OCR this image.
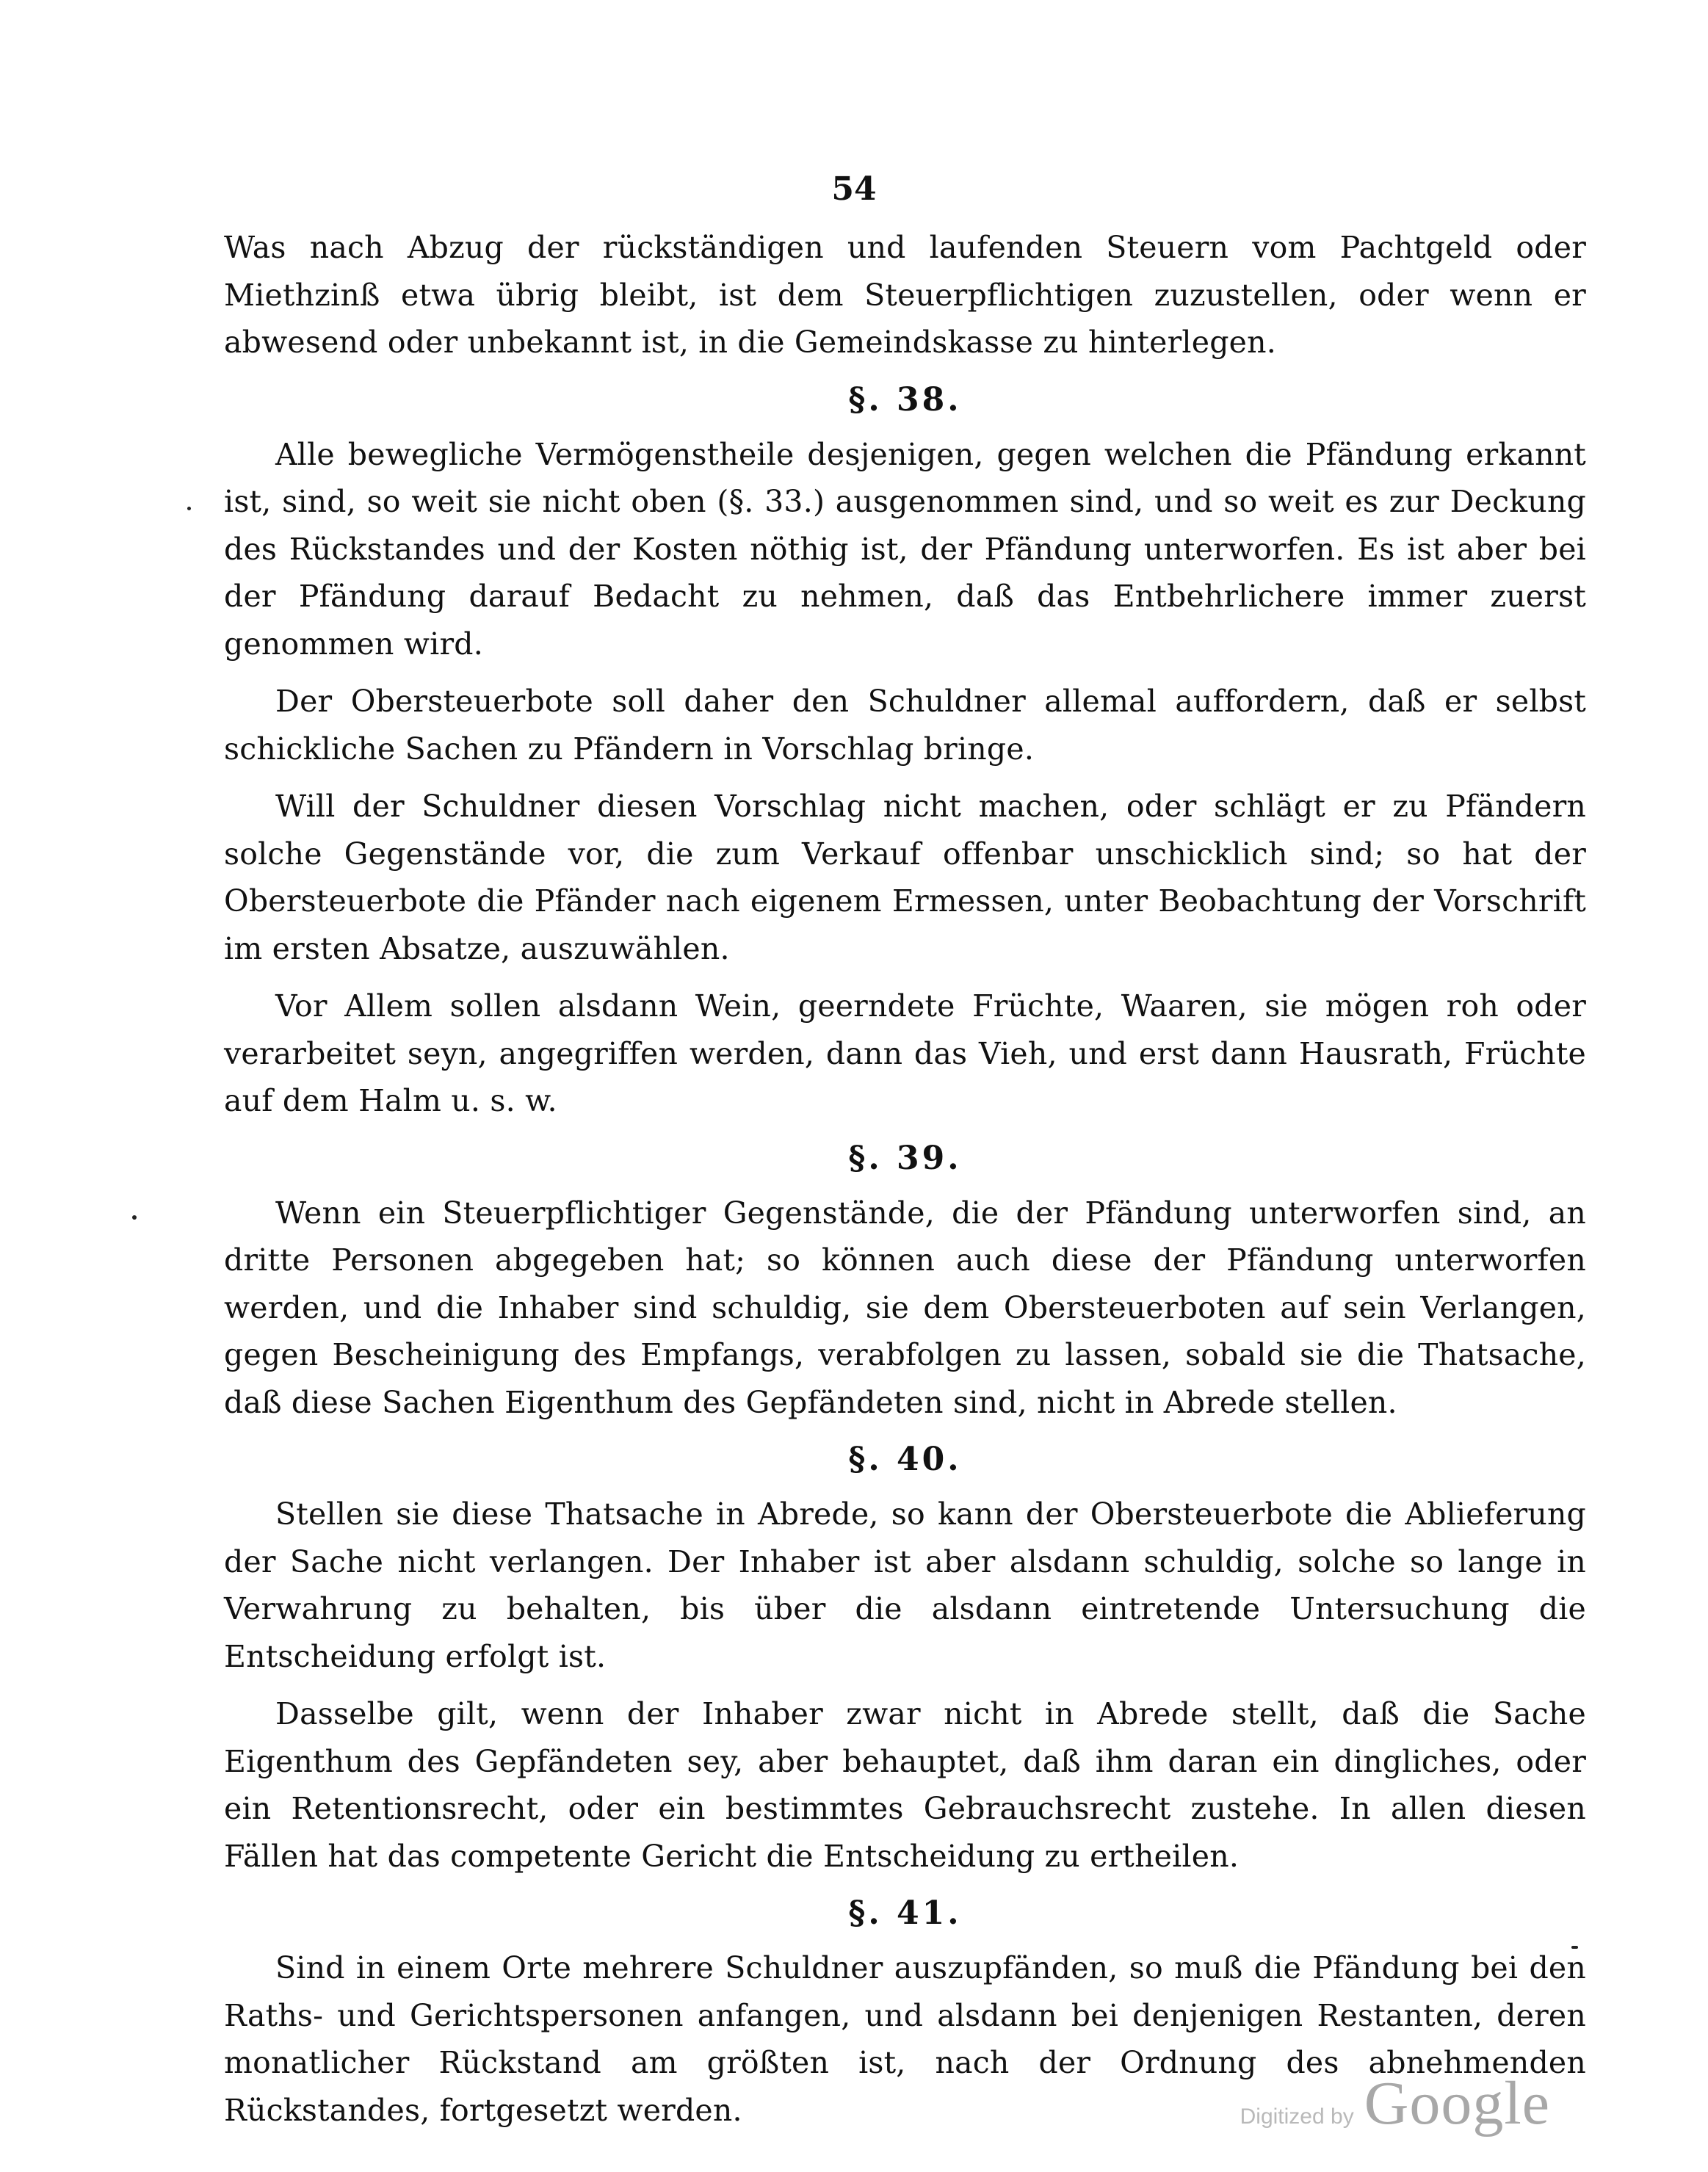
54
Was nach Abzug der rückständigen und laufenden Steuern vom Pachtgeld oder Miethzinß etwa übrig bleibt, ist dem Steuerpflichtigen zuzustellen, oder wenn er abwesend oder unbekannt ist, in die Gemeindskasse zu hinterlegen.
§. 38.
Alle bewegliche Vermögenstheile desjenigen, gegen welchen die Pfändung erkannt ist, sind, so weit sie nicht oben (§. 33.) ausgenommen sind, und so weit es zur Deckung des Rückstandes und der Kosten nöthig ist, der Pfändung unterworfen. Es ist aber bei der Pfändung darauf Bedacht zu nehmen, daß das Entbehrlichere immer zuerst genommen wird.
Der Obersteuerbote soll daher den Schuldner allemal auffordern, daß er selbst schickliche Sachen zu Pfändern in Vorschlag bringe.
Will der Schuldner diesen Vorschlag nicht machen, oder schlägt er zu Pfändern solche Gegenstände vor, die zum Verkauf offenbar unschicklich sind; so hat der Obersteuerbote die Pfänder nach eigenem Ermessen, unter Beobachtung der Vorschrift im ersten Absatze, auszuwählen.
Vor Allem sollen alsdann Wein, geerndete Früchte, Waaren, sie mögen roh oder verarbeitet seyn, angegriffen werden, dann das Vieh, und erst dann Hausrath, Früchte auf dem Halm u. s. w.
§. 39.
Wenn ein Steuerpflichtiger Gegenstände, die der Pfändung unterworfen sind, an dritte Personen abgegeben hat; so können auch diese der Pfändung unterworfen werden, und die Inhaber sind schuldig, sie dem Obersteuerboten auf sein Verlangen, gegen Bescheinigung des Empfangs, verabfolgen zu lassen, sobald sie die Thatsache, daß diese Sachen Eigenthum des Gepfändeten sind, nicht in Abrede stellen.
§. 40.
Stellen sie diese Thatsache in Abrede, so kann der Obersteuerbote die Ablieferung der Sache nicht verlangen. Der Inhaber ist aber alsdann schuldig, solche so lange in Verwahrung zu behalten, bis über die alsdann eintretende Untersuchung die Entscheidung erfolgt ist.
Dasselbe gilt, wenn der Inhaber zwar nicht in Abrede stellt, daß die Sache Eigenthum des Gepfändeten sey, aber behauptet, daß ihm daran ein dingliches, oder ein Retentionsrecht, oder ein bestimmtes Gebrauchsrecht zustehe. In allen diesen Fällen hat das competente Gericht die Entscheidung zu ertheilen.
§. 41.
Sind in einem Orte mehrere Schuldner auszupfänden, so muß die Pfändung bei den Raths- und Gerichtspersonen anfangen, und alsdann bei denjenigen Restanten, deren monatlicher Rückstand am größten ist, nach der Ordnung des abnehmenden Rückstandes, fortgesetzt werden.	Digitized by Google
